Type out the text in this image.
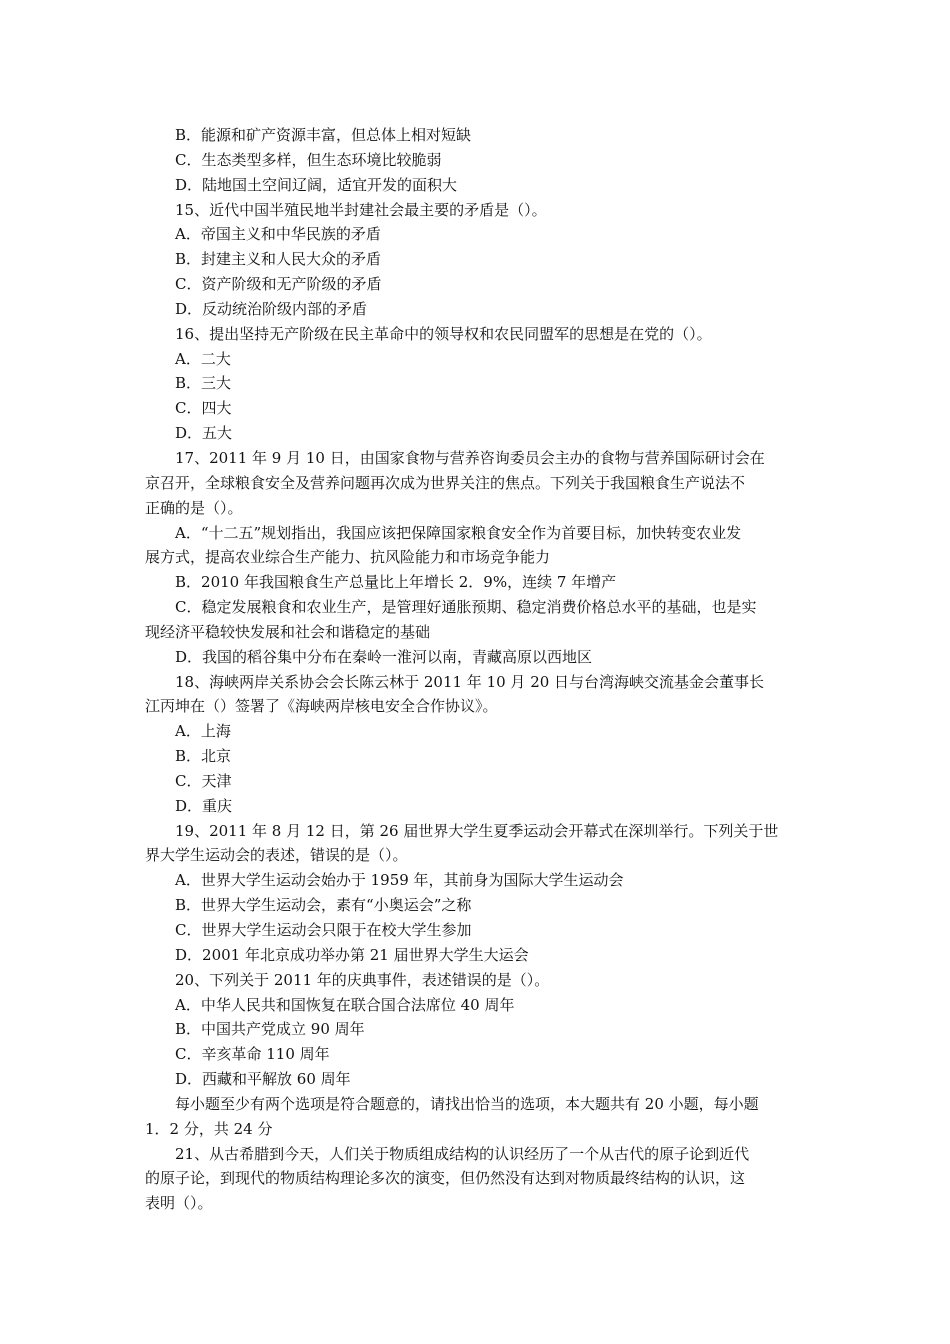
B．能源和矿产资源丰富，但总体上相对短缺
C．生态类型多样，但生态环境比较脆弱
D．陆地国土空间辽阔，适宜开发的面积大
15、近代中国半殖民地半封建社会最主要的矛盾是（）。
A．帝国主义和中华民族的矛盾
B．封建主义和人民大众的矛盾
C．资产阶级和无产阶级的矛盾
D．反动统治阶级内部的矛盾
16、提出坚持无产阶级在民主革命中的领导权和农民同盟军的思想是在党的（）。
A．二大
B．三大
C．四大
D．五大
17、2011 年 9 月 10 日，由国家食物与营养咨询委员会主办的食物与营养国际研讨会在
京召开，全球粮食安全及营养问题再次成为世界关注的焦点。下列关于我国粮食生产说法不
正确的是（）。
A．“十二五”规划指出，我国应该把保障国家粮食安全作为首要目标，加快转变农业发
展方式，提高农业综合生产能力、抗风险能力和市场竞争能力
B．2010 年我国粮食生产总量比上年增长 2．9%，连续 7 年增产
C．稳定发展粮食和农业生产，是管理好通胀预期、稳定消费价格总水平的基础，也是实
现经济平稳较快发展和社会和谐稳定的基础
D．我国的稻谷集中分布在秦岭一淮河以南，青藏高原以西地区
18、海峡两岸关系协会会长陈云林于 2011 年 10 月 20 日与台湾海峡交流基金会董事长
江丙坤在（）签署了《海峡两岸核电安全合作协议》。
A．上海
B．北京
C．天津
D．重庆
19、2011 年 8 月 12 日，第 26 届世界大学生夏季运动会开幕式在深圳举行。下列关于世
界大学生运动会的表述，错误的是（）。
A．世界大学生运动会始办于 1959 年，其前身为国际大学生运动会
B．世界大学生运动会，素有“小奥运会”之称
C．世界大学生运动会只限于在校大学生参加
D．2001 年北京成功举办第 21 届世界大学生大运会
20、下列关于 2011 年的庆典事件，表述错误的是（）。
A．中华人民共和国恢复在联合国合法席位 40 周年
B．中国共产党成立 90 周年
C．辛亥革命 110 周年
D．西藏和平解放 60 周年
每小题至少有两个选项是符合题意的，请找出恰当的选项，本大题共有 20 小题，每小题
1．2 分，共 24 分
21、从古希腊到今天，人们关于物质组成结构的认识经历了一个从古代的原子论到近代
的原子论，到现代的物质结构理论多次的演变，但仍然没有达到对物质最终结构的认识，这
表明（）。
